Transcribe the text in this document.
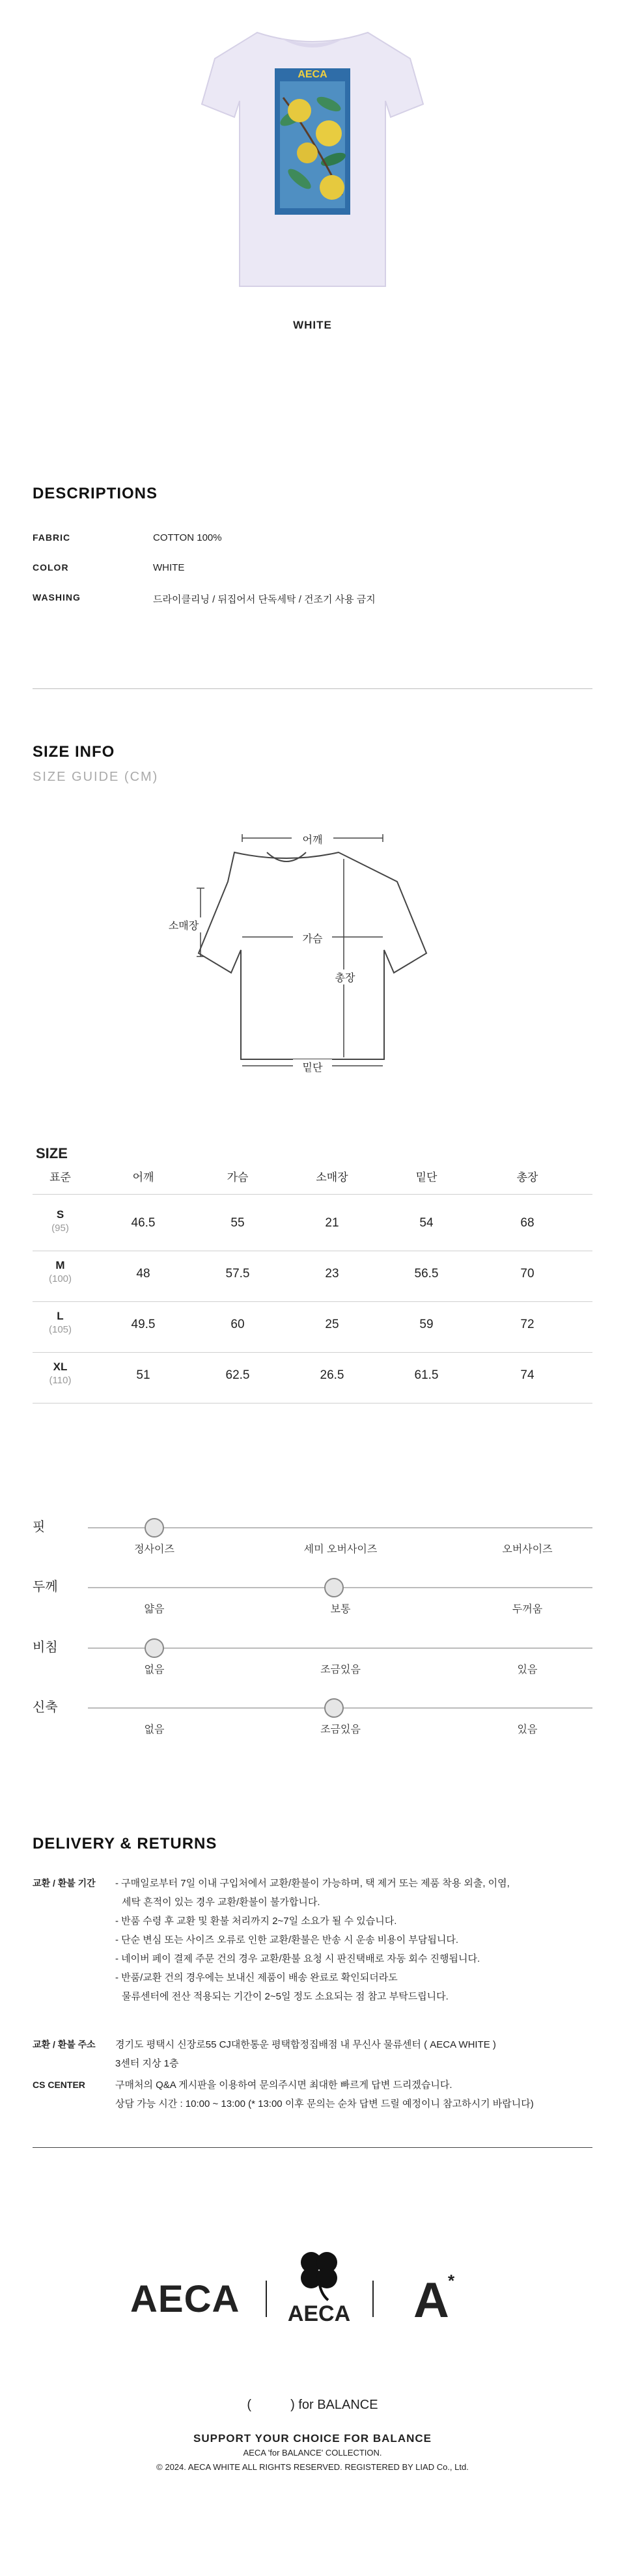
AECA
WHITE
DESCRIPTIONS
FABRIC	COTTON 100%
COLOR	WHITE
WASHING	드라이클리닝 / 뒤집어서 단독세탁 / 건조기 사용 금지
SIZE INFO
SIZE GUIDE (CM)
어깨
소매장
가슴
총장
밑단
SIZE
표준	어깨	가슴	소매장	밑단	총장
S
(95)	46.5	55	21	54	68
M
(100)	48	57.5	23	56.5	70
L
(105)	49.5	60	25	59	72
XL
(110)	51	62.5	26.5	61.5	74
핏
정사이즈	세미 오버사이즈	오버사이즈
두께
얇음	보통	두꺼움
비침
없음	조금있음	있음
신축
없음	조금있음	있음
DELIVERY & RETURNS
교환 / 환불 기간 - 구매일로부터 7일 이내 구입처에서 교환/환불이 가능하며, 택 제거 또는 제품 착용 외출, 이염,
세탁 흔적이 있는 경우 교환/환불이 불가합니다.
- 반품 수령 후 교환 및 환불 처리까지 2~7일 소요가 될 수 있습니다.
- 단순 변심 또는 사이즈 오류로 인한 교환/환불은 반송 시 운송 비용이 부담됩니다.
- 네이버 페이 결제 주문 건의 경우 교환/환불 요청 시 판진택배로 자동 회수 진행됩니다.
- 반품/교환 건의 경우에는 보내신 제품이 배송 완료로 확인되더라도
물류센터에 전산 적용되는 기간이 2~5일 정도 소요되는 점 참고 부탁드립니다.
교환 / 환불 주소 경기도 평택시 신장로55 CJ대한통운 평택합정집배점 내 무신사 물류센터 ( AECA WHITE )
3센터 지상 1층
CS CENTER	구매처의 Q&A 게시판을 이용하여 문의주시면 최대한 빠르게 답변 드리겠습니다.
상담 가능 시간 : 10:00 ~ 13:00 (* 13:00 이후 문의는 순차 답변 드릴 예정이니 참고하시기 바랍니다)
AECA	AECA A
*
(	) for BALANCE
SUPPORT YOUR CHOICE FOR BALANCE
AECA 'for BALANCE' COLLECTION.
© 2024. AECA WHITE ALL RIGHTS RESERVED. REGISTERED BY LIAD Co., Ltd.
